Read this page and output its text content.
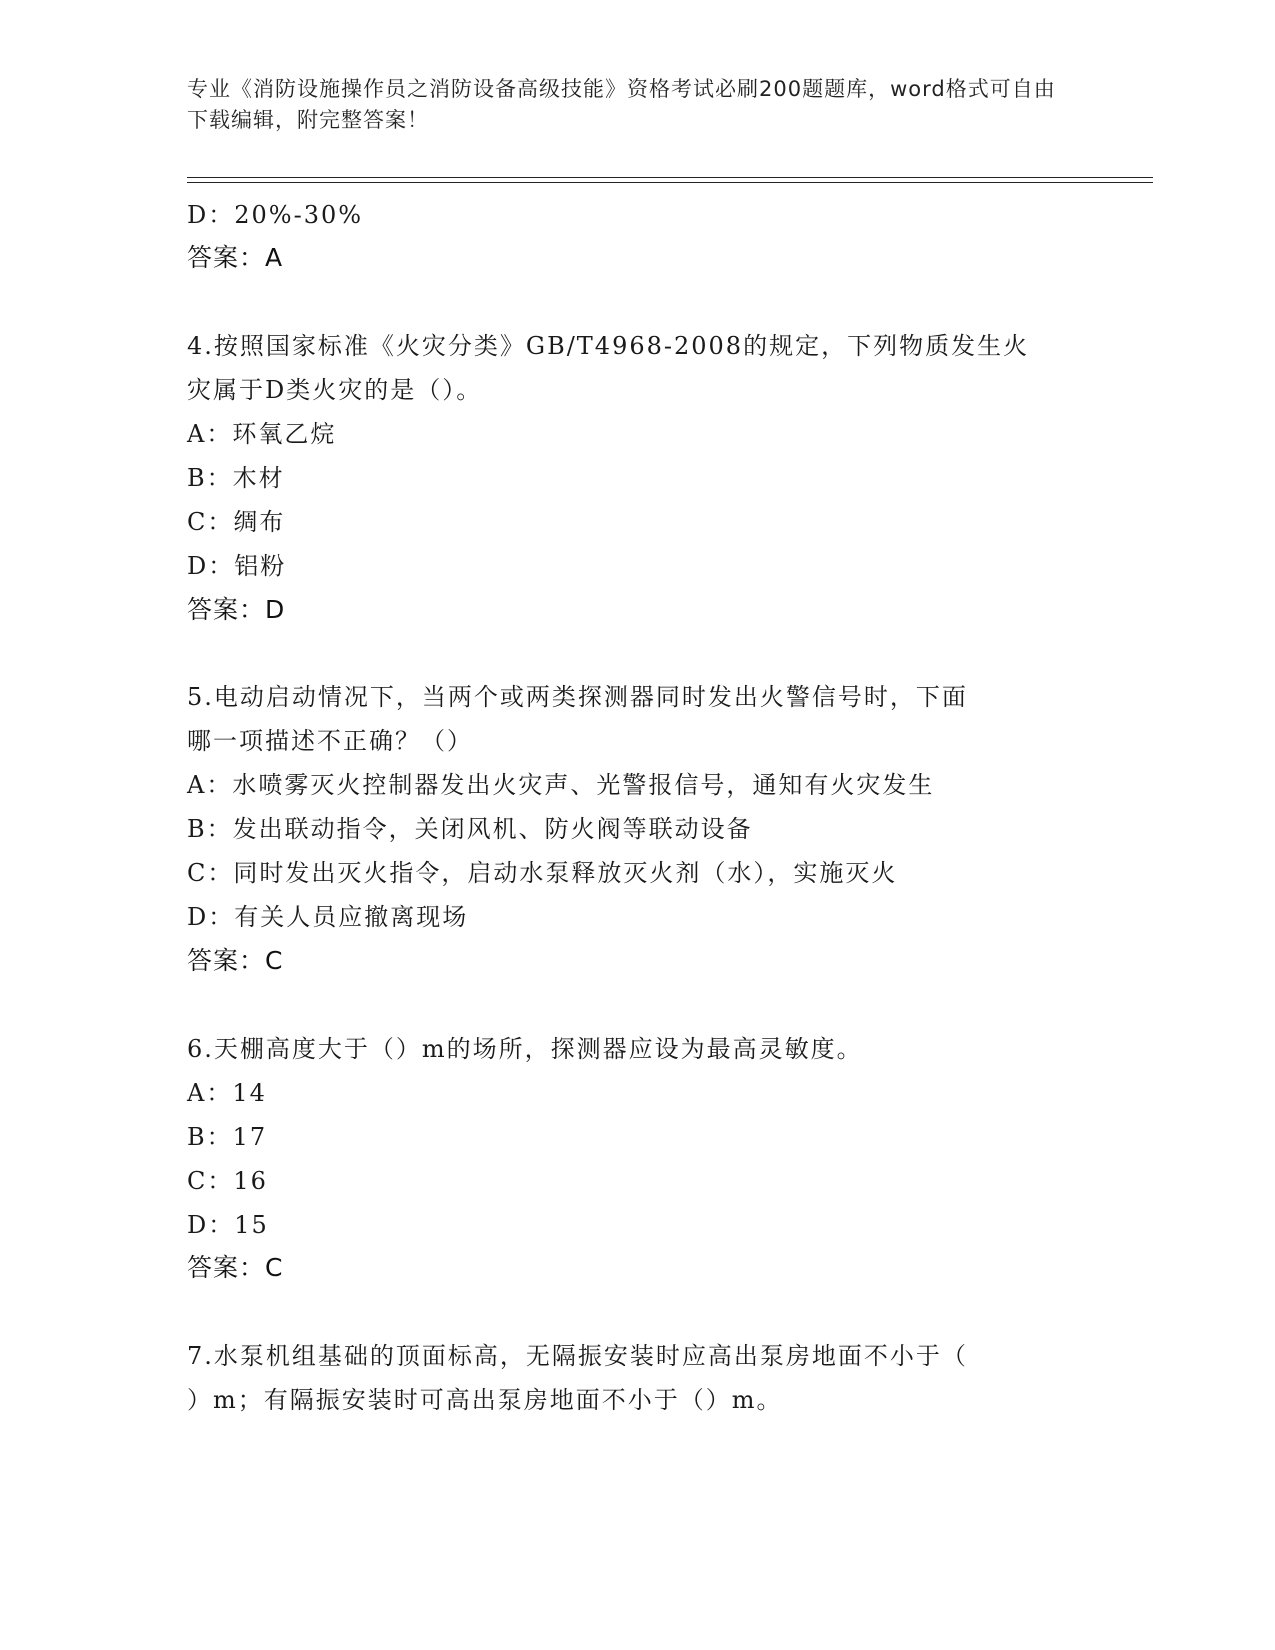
专业《消防设施操作员之消防设备高级技能》资格考试必刷200题题库，word格式可自由下载编辑，附完整答案！
D：20%-30%
答案：A
4.按照国家标准《火灾分类》GB/T4968-2008的规定，下列物质发生火
灾属于D类火灾的是（）。
A：环氧乙烷
B：木材
C：绸布
D：铝粉
答案：D
5.电动启动情况下，当两个或两类探测器同时发出火警信号时，下面
哪一项描述不正确？（）
A：水喷雾灭火控制器发出火灾声、光警报信号，通知有火灾发生
B：发出联动指令，关闭风机、防火阀等联动设备
C：同时发出灭火指令，启动水泵释放灭火剂（水），实施灭火
D：有关人员应撤离现场
答案：C
6.天棚高度大于（）m的场所，探测器应设为最高灵敏度。
A：14
B：17
C：16
D：15
答案：C
7.水泵机组基础的顶面标高，无隔振安装时应高出泵房地面不小于（
）m；有隔振安装时可高出泵房地面不小于（）m。
